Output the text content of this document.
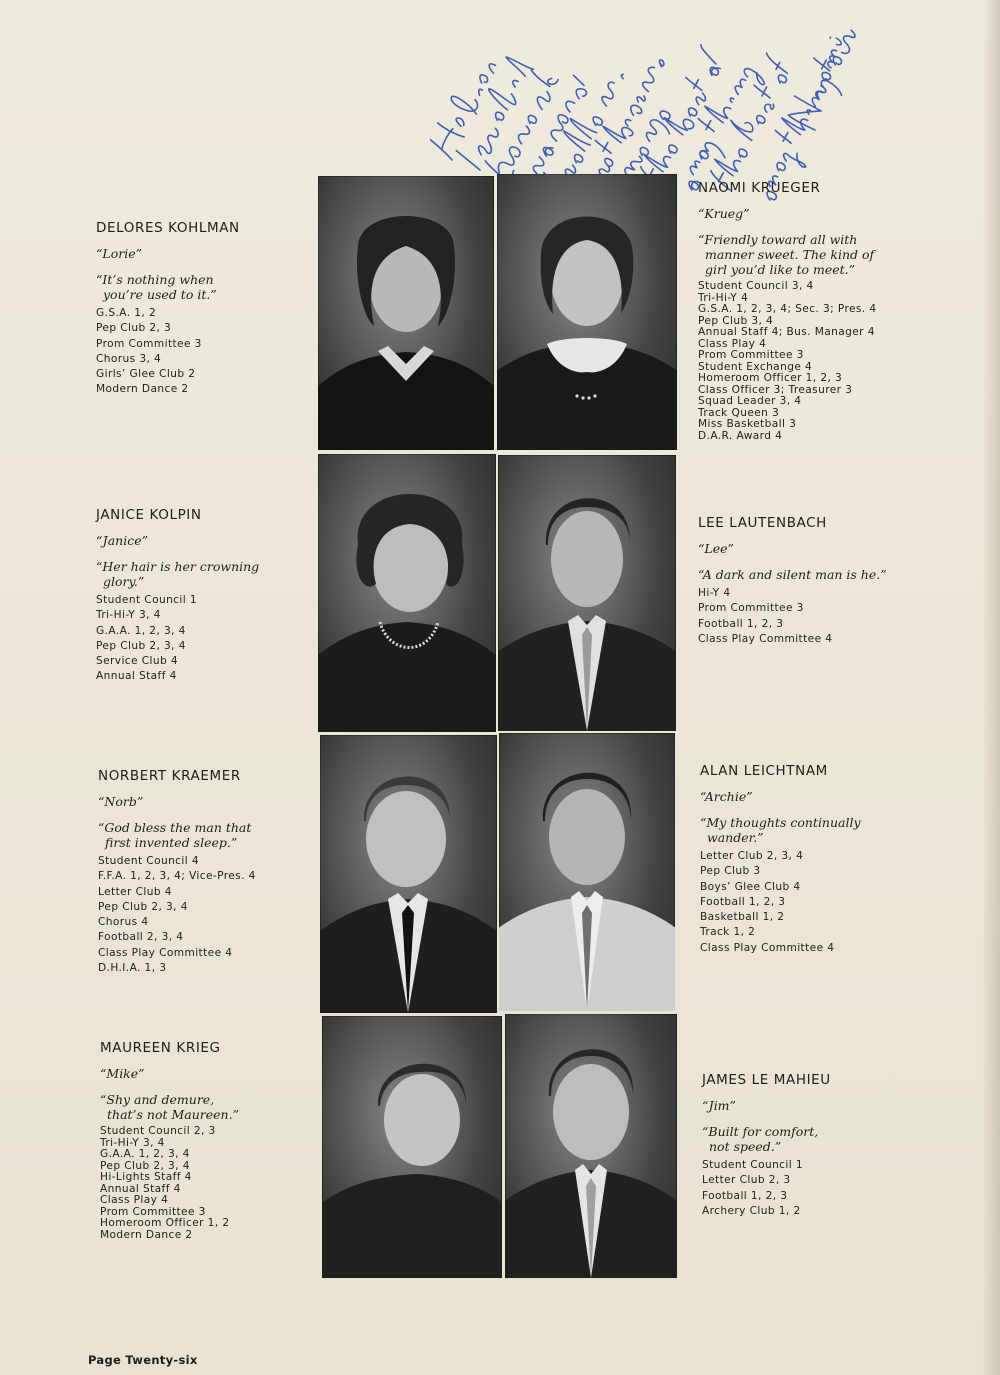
DELORES KOHLMAN

“Lorie”

“It’s nothing when
you’re used to it.”

G.S.A. 1, 2
Pep Club 2, 3
Prom Committee 3
Chorus 3, 4
Girls’ Glee Club 2
Modern Dance 2
NAOMI KRUEGER

“Krueg”

“Friendly toward all with
manner sweet. The kind of
girl you’d like to meet.”

Student Council 3, 4
Tri-Hi-Y 4
G.S.A. 1, 2, 3, 4; Sec. 3; Pres. 4
Pep Club 3, 4
Annual Staff 4; Bus. Manager 4
Class Play 4
Prom Committee 3
Student Exchange 4
Homeroom Officer 1, 2, 3
Class Officer 3; Treasurer 3
Squad Leader 3, 4
Track Queen 3
Miss Basketball 3
D.A.R. Award 4
JANICE KOLPIN

“Janice”

“Her hair is her crowning
glory.”

Student Council 1
Tri-Hi-Y 3, 4
G.A.A. 1, 2, 3, 4
Pep Club 2, 3, 4
Service Club 4
Annual Staff 4
LEE LAUTENBACH

“Lee”

“A dark and silent man is he.”

Hi-Y 4
Prom Committee 3
Football 1, 2, 3
Class Play Committee 4
NORBERT KRAEMER

“Norb”

“God bless the man that
first invented sleep.”

Student Council 4
F.F.A. 1, 2, 3, 4; Vice-Pres. 4
Letter Club 4
Pep Club 2, 3, 4
Chorus 4
Football 2, 3, 4
Class Play Committee 4
D.H.I.A. 1, 3
ALAN LEICHTNAM

“Archie”

“My thoughts continually
wander.”

Letter Club 2, 3, 4
Pep Club 3
Boys’ Glee Club 4
Football 1, 2, 3
Basketball 1, 2
Track 1, 2
Class Play Committee 4
MAUREEN KRIEG

“Mike”

“Shy and demure,
that’s not Maureen.”

Student Council 2, 3
Tri-Hi-Y 3, 4
G.A.A. 1, 2, 3, 4
Pep Club 2, 3, 4
Hi-Lights Staff 4
Annual Staff 4
Class Play 4
Prom Committee 3
Homeroom Officer 1, 2
Modern Dance 2
JAMES LE MAHIEU

“Jim”

“Built for comfort,
not speed.”

Student Council 1
Letter Club 2, 3
Football 1, 2, 3
Archery Club 1, 2
Page Twenty-six
